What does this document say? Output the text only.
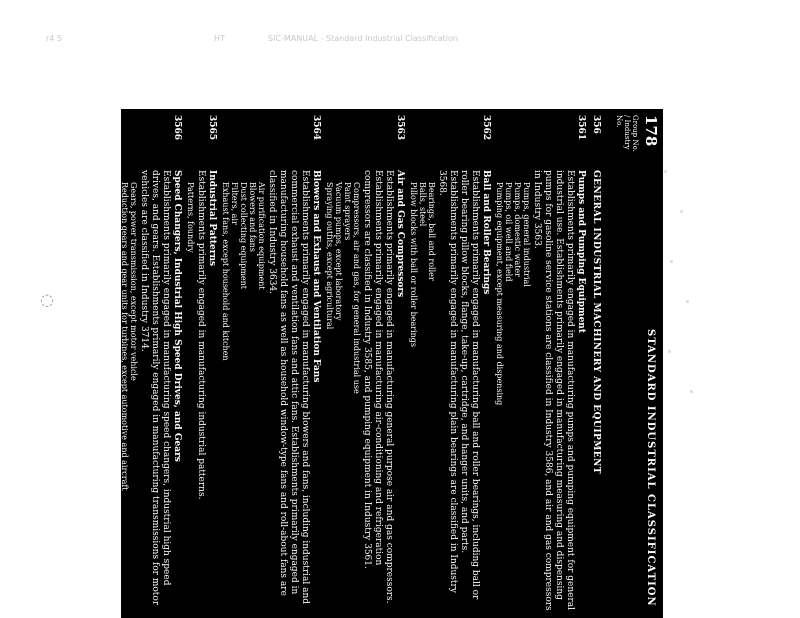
r4 5	HT	SIC-MANUAL - Standard Industrial Classification
◌
178
STANDARD INDUSTRIAL CLASSIFICATION
Group No. / Industry No.
356
GENERAL INDUSTRIAL MACHINERY AND EQUIPMENT
3561
Pumps and Pumping Equipment
Establishments primarily engaged in manufacturing pumps and pumping equipment for general industrial use. Establishments primarily engaged in manufacturing measuring and dispensing pumps for gasoline service stations are classified in Industry 3586, and air and gas compressors in Industry 3563.
Pumps, general industrial
Pumps, domestic water
Pumps, oil well and field
Pumping equipment, except measuring and dispensing
3562
Ball and Roller Bearings
Establishments primarily engaged in manufacturing ball and roller bearings, including ball or roller bearing pillow blocks, flange, take-up, cartridge, and hanger units, and parts. Establishments primarily engaged in manufacturing plain bearings are classified in Industry 3568.
Bearings, ball and roller
Balls, steel
Pillow blocks with ball or roller bearings
3563
Air and Gas Compressors
Establishments primarily engaged in manufacturing general purpose air and gas compressors. Establishments primarily engaged in manufacturing air-conditioning and refrigeration compressors are classified in Industry 3585, and pumping equipment in Industry 3561.
Compressors, air and gas, for general industrial use
Paint sprayers
Vacuum pumps, except laboratory
Spraying outfits, except agricultural
3564
Blowers and Exhaust and Ventilation Fans
Establishments primarily engaged in manufacturing blowers and fans, including industrial and commercial exhaust and ventilation fans and attic fans. Establishments primarily engaged in manufacturing household fans as well as household window-type fans and roll-about fans are classified in Industry 3634.
Air purification equipment
Blowers and fans
Dust collecting equipment
Filters, air
Exhaust fans, except household and kitchen
3565
Industrial Patterns
Establishments primarily engaged in manufacturing industrial patterns.
Patterns, foundry
3566
Speed Changers, Industrial High Speed Drives, and Gears
Establishments primarily engaged in manufacturing speed changers, industrial high speed drives, and gears. Establishments primarily engaged in manufacturing transmissions for motor vehicles are classified in Industry 3714.
Gears, power transmission, except motor vehicle
Reduction gears and gear units for turbines, except automotive and aircraft
